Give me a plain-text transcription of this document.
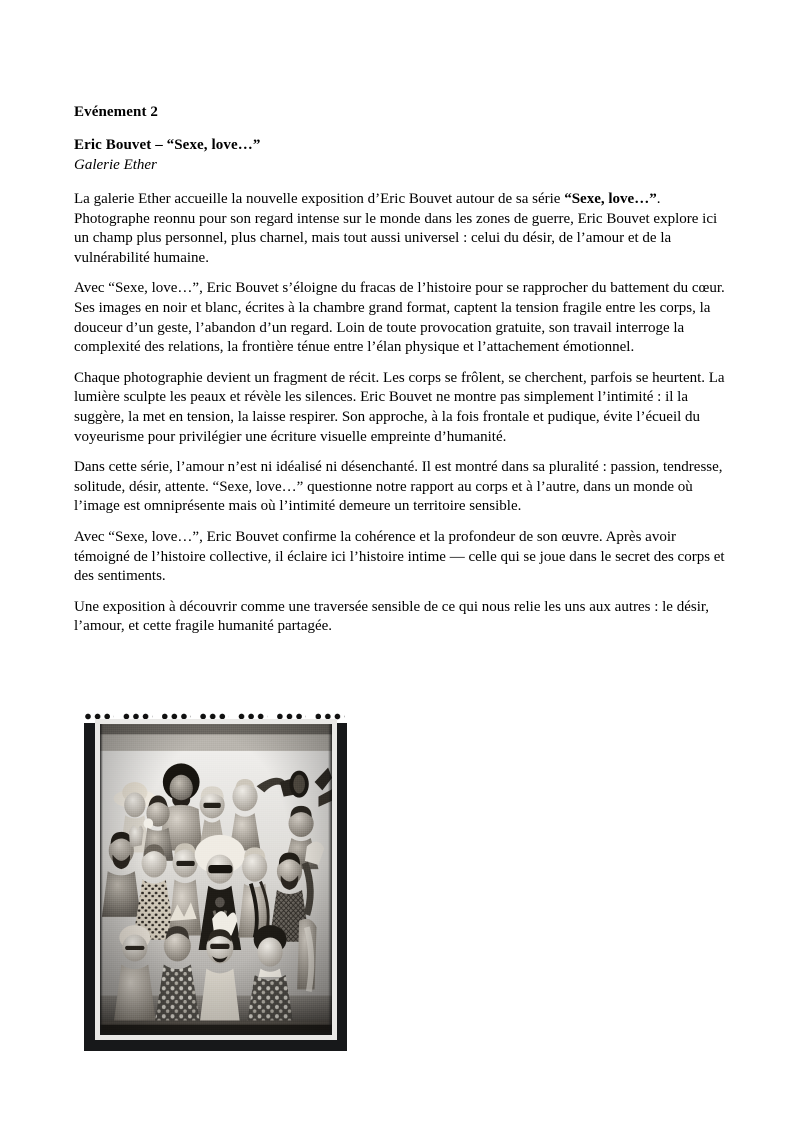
Evénement 2
Eric Bouvet – “Sexe, love…”
Galerie Ether

La galerie Ether accueille la nouvelle exposition d’Eric Bouvet autour de sa série “Sexe, love…”. Photographe reonnu pour son regard intense sur le monde dans les zones de guerre, Eric Bouvet explore ici un champ plus personnel, plus charnel, mais tout aussi universel : celui du désir, de l’amour et de la vulnérabilité humaine.

Avec “Sexe, love…”, Eric Bouvet s’éloigne du fracas de l’histoire pour se rapprocher du battement du cœur. Ses images en noir et blanc, écrites à la chambre grand format, captent la tension fragile entre les corps, la douceur d’un geste, l’abandon d’un regard. Loin de toute provocation gratuite, son travail interroge la complexité des relations, la frontière ténue entre l’élan physique et l’attachement émotionnel.

Chaque photographie devient un fragment de récit. Les corps se frôlent, se cherchent, parfois se heurtent. La lumière sculpte les peaux et révèle les silences. Eric Bouvet ne montre pas simplement l’intimité : il la suggère, la met en tension, la laisse respirer. Son approche, à la fois frontale et pudique, évite l’écueil du voyeurisme pour privilégier une écriture visuelle empreinte d’humanité.

Dans cette série, l’amour n’est ni idéalisé ni désenchanté. Il est montré dans sa pluralité : passion, tendresse, solitude, désir, attente. “Sexe, love…” questionne notre rapport au corps et à l’autre, dans un monde où l’image est omniprésente mais où l’intimité demeure un territoire sensible.

Avec “Sexe, love…”, Eric Bouvet confirme la cohérence et la profondeur de son œuvre. Après avoir témoigné de l’histoire collective, il éclaire ici l’histoire intime — celle qui se joue dans le secret des corps et des sentiments.

Une exposition à découvrir comme une traversée sensible de ce qui nous relie les uns aux autres : le désir, l’amour, et cette fragile humanité partagée.
